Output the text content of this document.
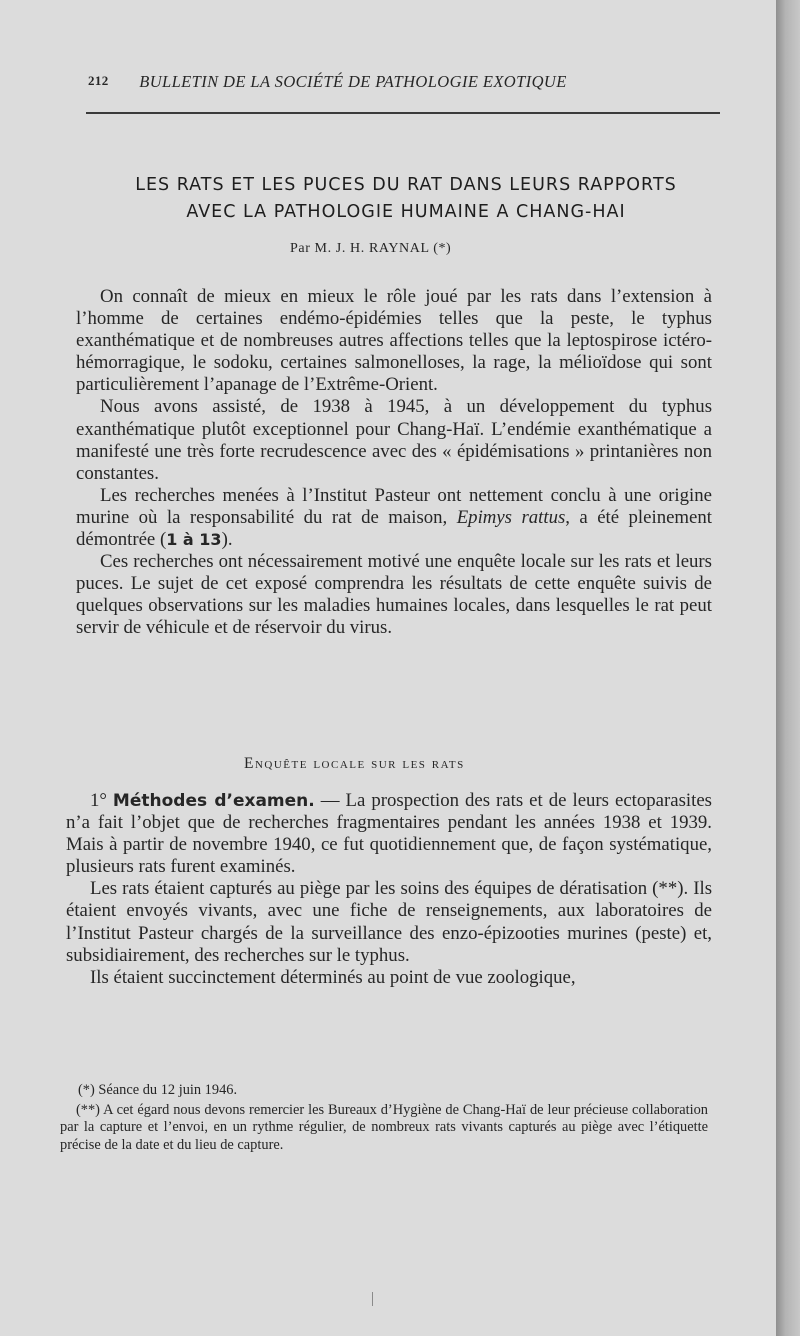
212 BULLETIN DE LA SOCIÉTÉ DE PATHOLOGIE EXOTIQUE
LES RATS ET LES PUCES DU RAT DANS LEURS RAPPORTS
AVEC LA PATHOLOGIE HUMAINE A CHANG-HAI
Par M. J. H. RAYNAL (*)

On connaît de mieux en mieux le rôle joué par les rats dans l’extension à l’homme de certaines endémo-épidémies telles que la peste, le typhus exanthématique et de nombreuses autres affections telles que la leptospirose ictéro-hémorragique, le sodoku, certaines salmonelloses, la rage, la mélioïdose qui sont particulièrement l’apanage de l’Extrême-Orient.

Nous avons assisté, de 1938 à 1945, à un développement du typhus exanthématique plutôt exceptionnel pour Chang-Haï. L’endémie exanthématique a manifesté une très forte recrudescence avec des « épidémisations » printanières non constantes.

Les recherches menées à l’Institut Pasteur ont nettement conclu à une origine murine où la responsabilité du rat de maison, Epimys rattus, a été pleinement démontrée (1 à 13).

Ces recherches ont nécessairement motivé une enquête locale sur les rats et leurs puces. Le sujet de cet exposé comprendra les résultats de cette enquête suivis de quelques observations sur les maladies humaines locales, dans lesquelles le rat peut servir de véhicule et de réservoir du virus.

Enquête locale sur les rats

1° Méthodes d’examen. — La prospection des rats et de leurs ectoparasites n’a fait l’objet que de recherches fragmentaires pendant les années 1938 et 1939. Mais à partir de novembre 1940, ce fut quotidiennement que, de façon systématique, plusieurs rats furent examinés.

Les rats étaient capturés au piège par les soins des équipes de dératisation (**). Ils étaient envoyés vivants, avec une fiche de renseignements, aux laboratoires de l’Institut Pasteur chargés de la surveillance des enzo-épizooties murines (peste) et, subsidiairement, des recherches sur le typhus.

Ils étaient succinctement déterminés au point de vue zoologique,

(*) Séance du 12 juin 1946.

(**) A cet égard nous devons remercier les Bureaux d’Hygiène de Chang-Haï de leur précieuse collaboration par la capture et l’envoi, en un rythme régulier, de nombreux rats vivants capturés au piège avec l’étiquette précise de la date et du lieu de capture.
